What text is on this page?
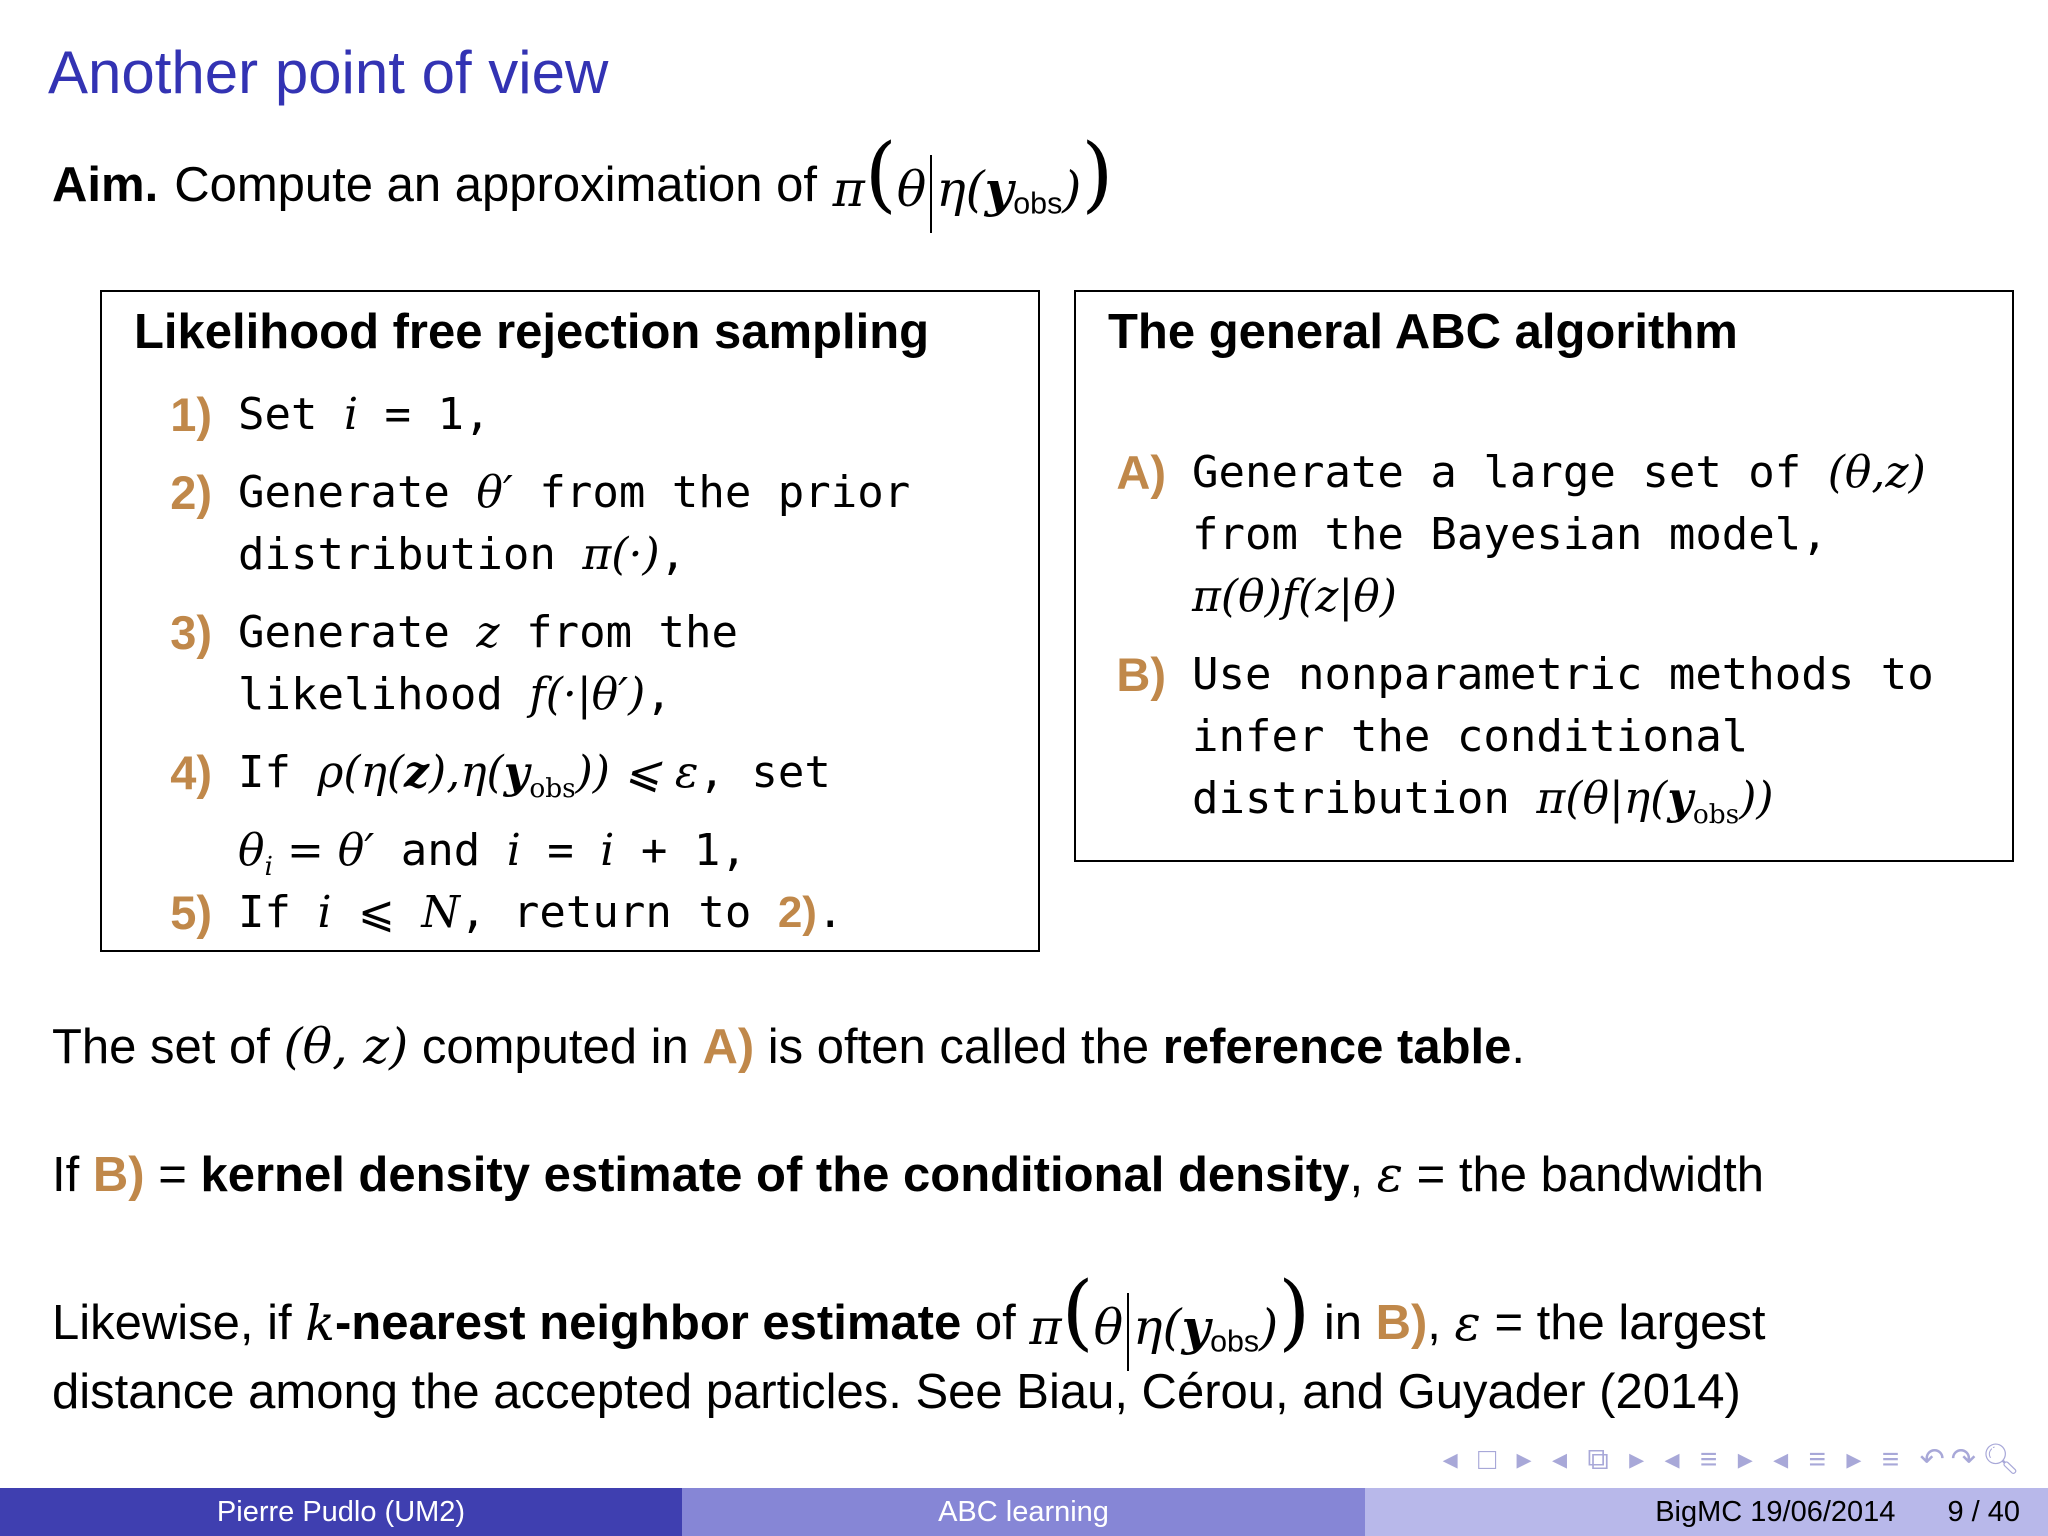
Another point of view
Aim. Compute an approximation of π(θ $\eta(y_{obs})$)
Likelihood free rejection sampling
1) Set i = 1,
2) Generate θ′ from the prior
distribution π(·),
3) Generate z from the
likelihood f(·|θ′),
4) If $\rho(\eta(z),\eta(y_{obs}))$ ⩽ ε, set
$\theta_i = \theta'$ and i = i + 1,
5) If i ⩽ N, return to 2).
The general ABC algorithm
A) Generate a large set of (θ,z)
from the Bayesian model,
π(θ)f(z|θ)
B) Use nonparametric methods to
infer the conditional
distribution $\pi(\theta|\eta(y_{obs}))$
The set of (θ, z) computed in A) is often called the reference table.
If B) = kernel density estimate of the conditional density, ε = the bandwidth
Likewise, if
k -nearest neighbor estimate
of
π(θ $\eta(y_{obs})$)
in
B) , ε
= the largest
distance among the accepted particles. See Biau, Cérou, and Guyader (2014)
◂ □ ▸ ◂ ⧉ ▸ ◂ ≡ ▸ ◂ ≡ ▸ ≡ ↶↷🔍︎
Pierre Pudlo (UM2)	ABC learning	BigMC 19/06/2014 9 / 40
